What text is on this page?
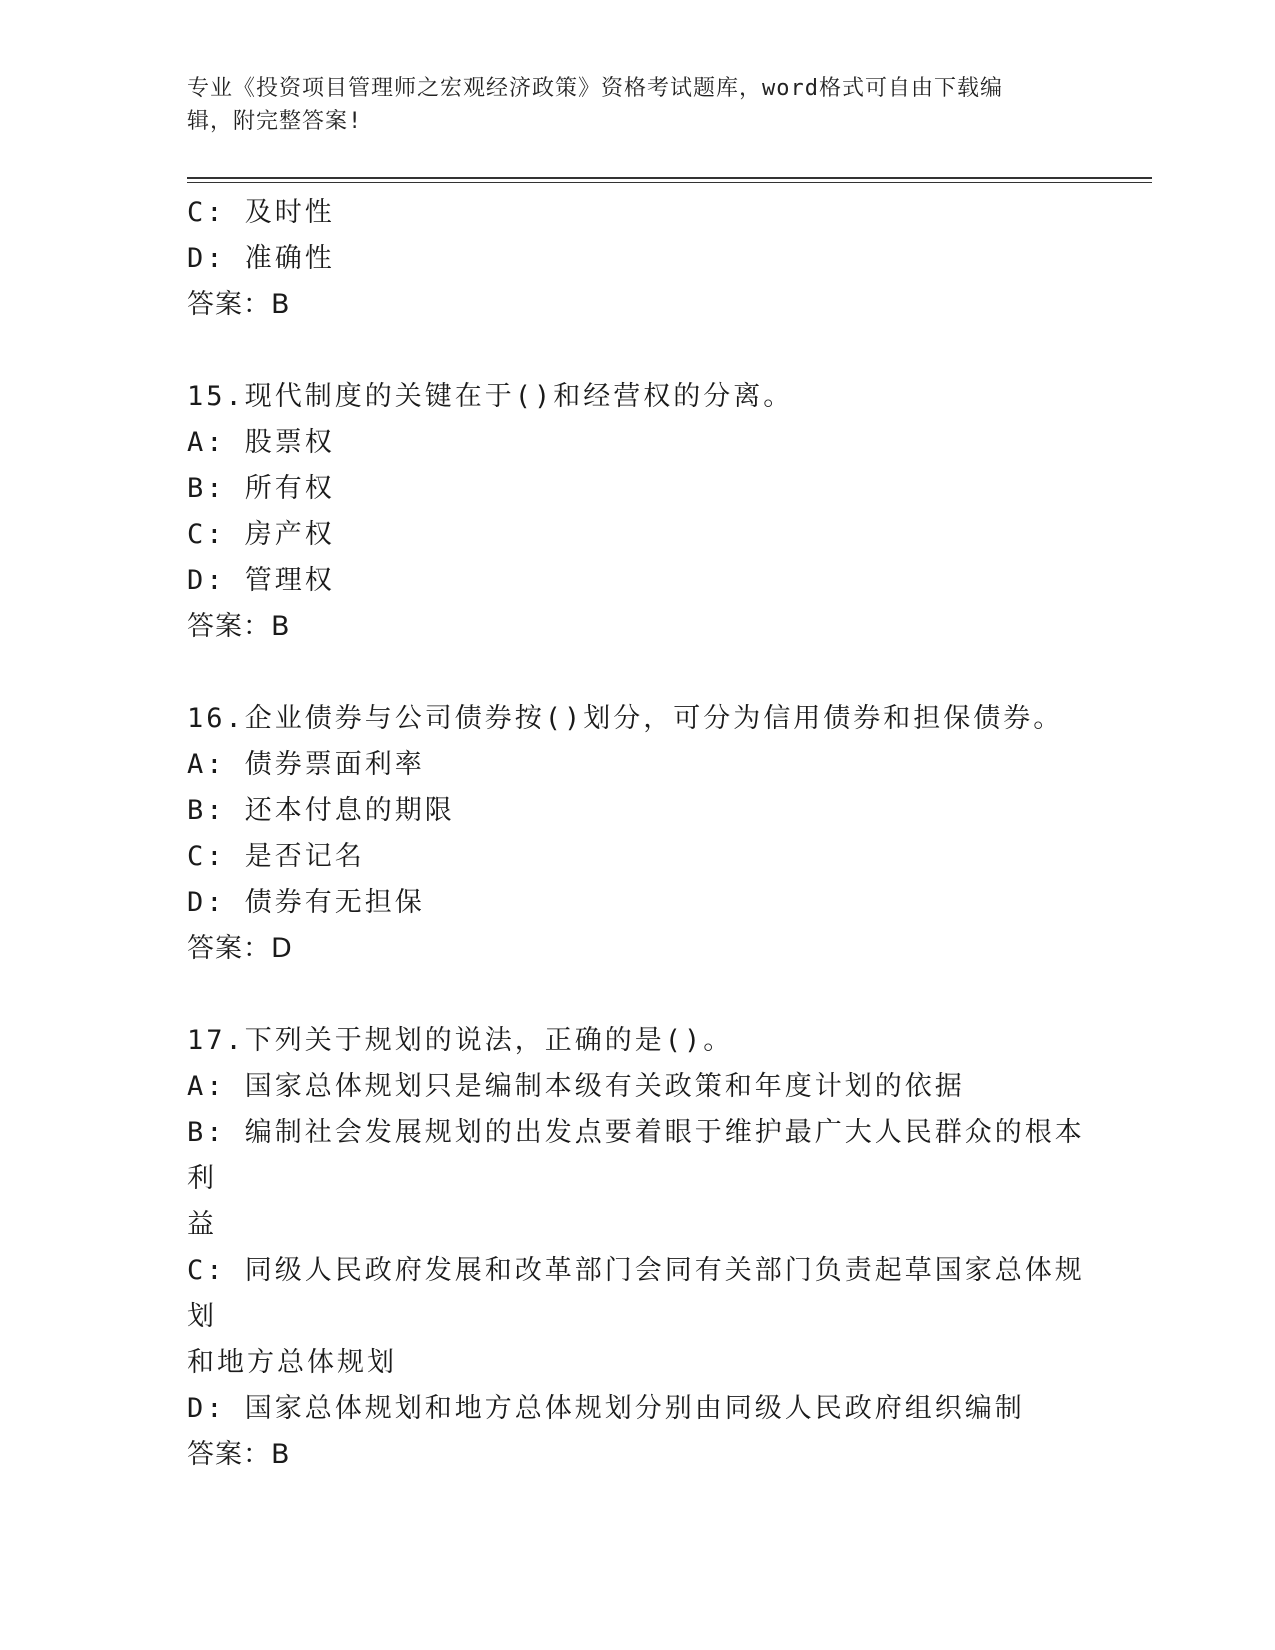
专业《投资项目管理师之宏观经济政策》资格考试题库，word格式可自由下载编
辑，附完整答案!
C: 及时性
D: 准确性
答案：B
15.现代制度的关键在于()和经营权的分离。
A: 股票权
B: 所有权
C: 房产权
D: 管理权
答案：B
16.企业债券与公司债券按()划分，可分为信用债券和担保债券。
A: 债券票面利率
B: 还本付息的期限
C: 是否记名
D: 债券有无担保
答案：D
17.下列关于规划的说法，正确的是()。
A: 国家总体规划只是编制本级有关政策和年度计划的依据
B: 编制社会发展规划的出发点要着眼于维护最广大人民群众的根本利
益
C: 同级人民政府发展和改革部门会同有关部门负责起草国家总体规划
和地方总体规划
D: 国家总体规划和地方总体规划分别由同级人民政府组织编制
答案：B
